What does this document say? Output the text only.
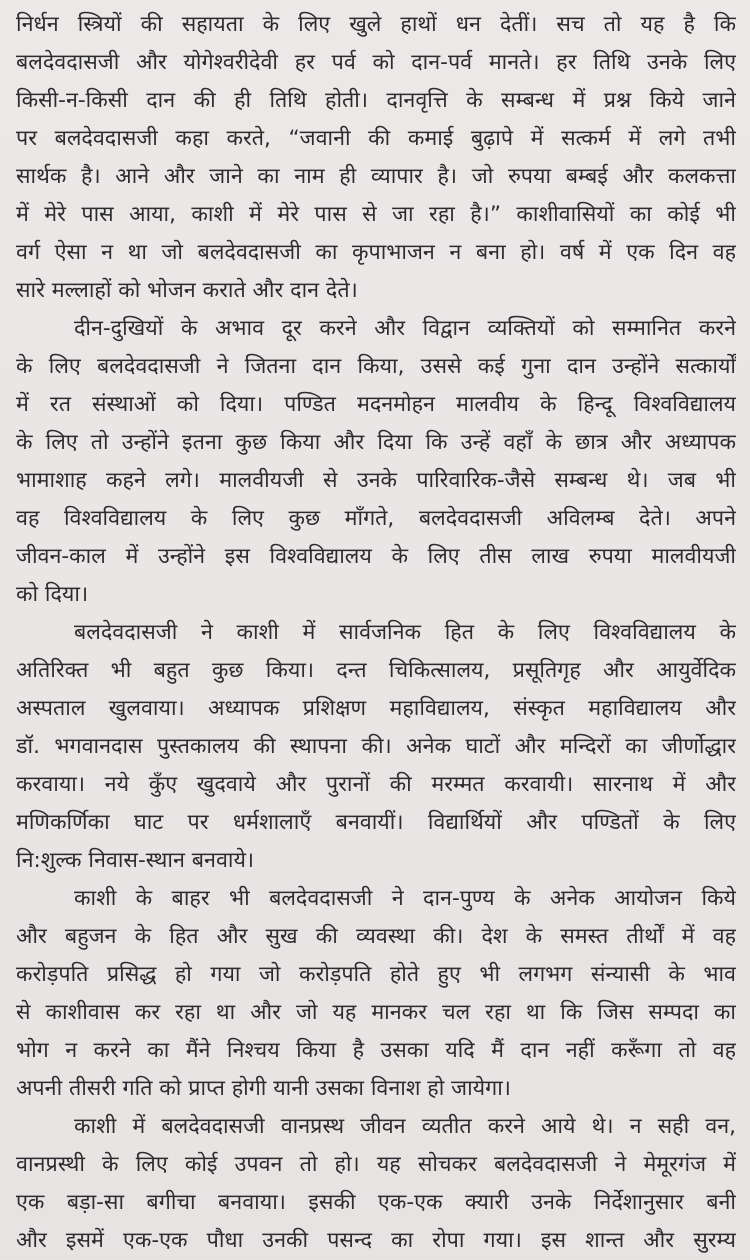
निर्धन स्त्रियों की सहायता के लिए खुले हाथों धन देतीं। सच तो यह है कि
बलदेवदासजी और योगेश्वरीदेवी हर पर्व को दान-पर्व मानते। हर तिथि उनके लिए
किसी-न-किसी दान की ही तिथि होती। दानवृत्ति के सम्बन्ध में प्रश्न किये जाने
पर बलदेवदासजी कहा करते, “जवानी की कमाई बुढ़ापे में सत्कर्म में लगे तभी
सार्थक है। आने और जाने का नाम ही व्यापार है। जो रुपया बम्बई और कलकत्ता
में मेरे पास आया, काशी में मेरे पास से जा रहा है।” काशीवासियों का कोई भी
वर्ग ऐसा न था जो बलदेवदासजी का कृपाभाजन न बना हो। वर्ष में एक दिन वह
सारे मल्लाहों को भोजन कराते और दान देते।
दीन-दुखियों के अभाव दूर करने और विद्वान व्यक्तियों को सम्मानित करने
के लिए बलदेवदासजी ने जितना दान किया, उससे कई गुना दान उन्होंने सत्कार्यों
में रत संस्थाओं को दिया। पण्डित मदनमोहन मालवीय के हिन्दू विश्वविद्यालय
के लिए तो उन्होंने इतना कुछ किया और दिया कि उन्हें वहाँ के छात्र और अध्यापक
भामाशाह कहने लगे। मालवीयजी से उनके पारिवारिक-जैसे सम्बन्ध थे। जब भी
वह विश्वविद्यालय के लिए कुछ माँगते, बलदेवदासजी अविलम्ब देते। अपने
जीवन-काल में उन्होंने इस विश्वविद्यालय के लिए तीस लाख रुपया मालवीयजी
को दिया।
बलदेवदासजी ने काशी में सार्वजनिक हित के लिए विश्वविद्यालय के
अतिरिक्त भी बहुत कुछ किया। दन्त चिकित्सालय, प्रसूतिगृह और आयुर्वेदिक
अस्पताल खुलवाया। अध्यापक प्रशिक्षण महाविद्यालय, संस्कृत महाविद्यालय और
डॉ. भगवानदास पुस्तकालय की स्थापना की। अनेक घाटों और मन्दिरों का जीर्णोद्धार
करवाया। नये कुँए खुदवाये और पुरानों की मरम्मत करवायी। सारनाथ में और
मणिकर्णिका घाट पर धर्मशालाएँ बनवायीं। विद्यार्थियों और पण्डितों के लिए
नि:शुल्क निवास-स्थान बनवाये।
काशी के बाहर भी बलदेवदासजी ने दान-पुण्य के अनेक आयोजन किये
और बहुजन के हित और सुख की व्यवस्था की। देश के समस्त तीर्थों में वह
करोड़पति प्रसिद्ध हो गया जो करोड़पति होते हुए भी लगभग संन्यासी के भाव
से काशीवास कर रहा था और जो यह मानकर चल रहा था कि जिस सम्पदा का
भोग न करने का मैंने निश्चय किया है उसका यदि मैं दान नहीं करूँगा तो वह
अपनी तीसरी गति को प्राप्त होगी यानी उसका विनाश हो जायेगा।
काशी में बलदेवदासजी वानप्रस्थ जीवन व्यतीत करने आये थे। न सही वन,
वानप्रस्थी के लिए कोई उपवन तो हो। यह सोचकर बलदेवदासजी ने मेमूरगंज में
एक बड़ा-सा बगीचा बनवाया। इसकी एक-एक क्यारी उनके निर्देशानुसार बनी
और इसमें एक-एक पौधा उनकी पसन्द का रोपा गया। इस शान्त और सुरम्य
